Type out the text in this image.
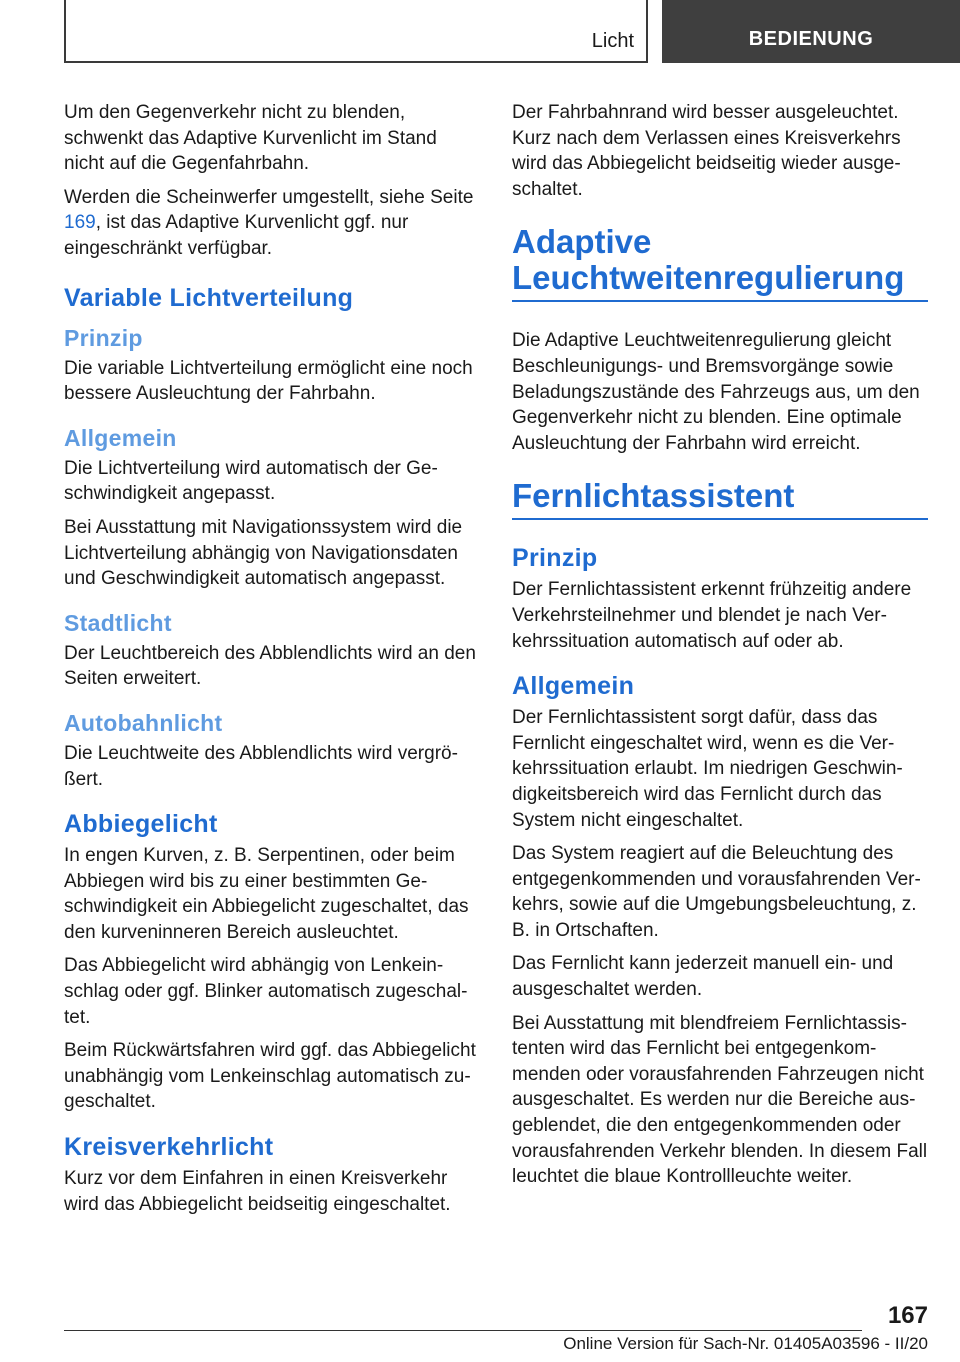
Licht	BEDIENUNG

Um den Gegenverkehr nicht zu blenden, schwenkt das Adaptive Kurvenlicht im Stand nicht auf die Gegenfahrbahn.

Werden die Scheinwerfer umgestellt, siehe Seite 169, ist das Adaptive Kurvenlicht ggf. nur eingeschränkt verfügbar.

Variable Lichtverteilung
Prinzip

Die variable Lichtverteilung ermöglicht eine noch bessere Ausleuchtung der Fahrbahn.

Allgemein

Die Lichtverteilung wird automatisch der Geschwindigkeit angepasst.

Bei Ausstattung mit Navigationssystem wird die Lichtverteilung abhängig von Navigationsdaten und Geschwindigkeit automatisch angepasst.

Stadtlicht

Der Leuchtbereich des Abblendlichts wird an den Seiten erweitert.

Autobahnlicht

Die Leuchtweite des Abblendlichts wird vergrößert.

Abbiegelicht

In engen Kurven, z. B. Serpentinen, oder beim Abbiegen wird bis zu einer bestimmten Geschwindigkeit ein Abbiegelicht zugeschaltet, das den kurveninneren Bereich ausleuchtet.

Das Abbiegelicht wird abhängig von Lenkeinschlag oder ggf. Blinker automatisch zugeschaltet.

Beim Rückwärtsfahren wird ggf. das Abbiegelicht unabhängig vom Lenkeinschlag automatisch zugeschaltet.

Kreisverkehrlicht

Kurz vor dem Einfahren in einen Kreisverkehr wird das Abbiegelicht beidseitig eingeschaltet.

Der Fahrbahnrand wird besser ausgeleuchtet. Kurz nach dem Verlassen eines Kreisverkehrs wird das Abbiegelicht beidseitig wieder ausgeschaltet.

Adaptive Leuchtweitenregulierung

Die Adaptive Leuchtweitenregulierung gleicht Beschleunigungs- und Bremsvorgänge sowie Beladungszustände des Fahrzeugs aus, um den Gegenverkehr nicht zu blenden. Eine optimale Ausleuchtung der Fahrbahn wird erreicht.

Fernlichtassistent
Prinzip

Der Fernlichtassistent erkennt frühzeitig andere Verkehrsteilnehmer und blendet je nach Verkehrssituation automatisch auf oder ab.

Allgemein

Der Fernlichtassistent sorgt dafür, dass das Fernlicht eingeschaltet wird, wenn es die Verkehrssituation erlaubt. Im niedrigen Geschwindigkeitsbereich wird das Fernlicht durch das System nicht eingeschaltet.

Das System reagiert auf die Beleuchtung des entgegenkommenden und vorausfahrenden Verkehrs, sowie auf die Umgebungsbeleuchtung, z. B. in Ortschaften.

Das Fernlicht kann jederzeit manuell ein- und ausgeschaltet werden.

Bei Ausstattung mit blendfreiem Fernlichtassistenten wird das Fernlicht bei entgegenkommenden oder vorausfahrenden Fahrzeugen nicht ausgeschaltet. Es werden nur die Bereiche ausgeblendet, die den entgegenkommenden oder vorausfahrenden Verkehr blenden. In diesem Fall leuchtet die blaue Kontrollleuchte weiter.

167
Online Version für Sach-Nr. 01405A03596 - II/20
